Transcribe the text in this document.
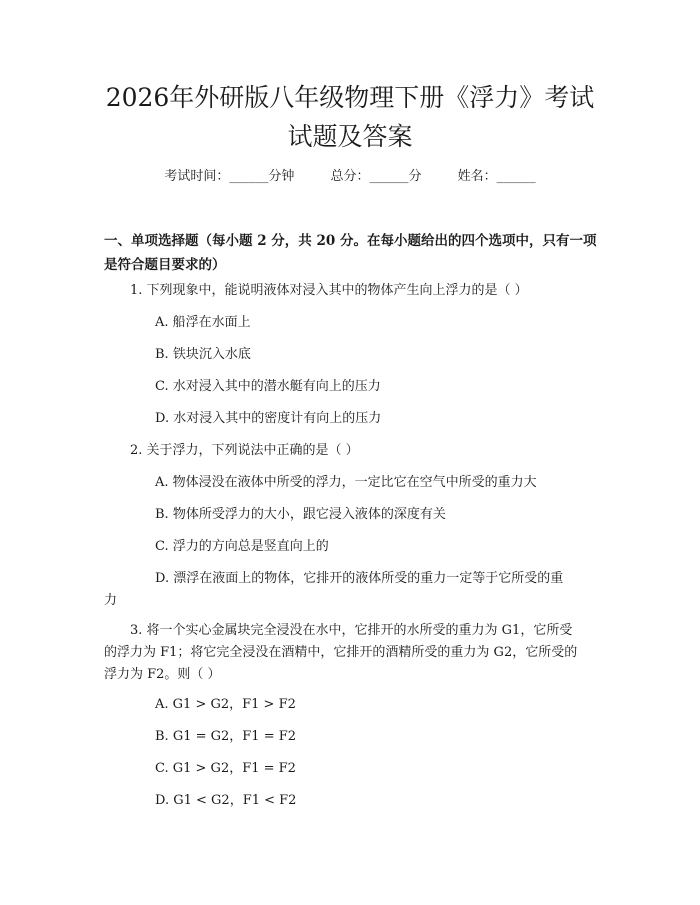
2026年外研版八年级物理下册《浮力》考试
试题及答案
考试时间：______分钟	总分：______分	姓名：______
一、单项选择题（每小题 2 分，共 20 分。在每小题给出的四个选项中，只有一项
是符合题目要求的）
1. 下列现象中，能说明液体对浸入其中的物体产生向上浮力的是（ ）
A. 船浮在水面上
B. 铁块沉入水底
C. 水对浸入其中的潜水艇有向上的压力
D. 水对浸入其中的密度计有向上的压力
2. 关于浮力，下列说法中正确的是（ ）
A. 物体浸没在液体中所受的浮力，一定比它在空气中所受的重力大
B. 物体所受浮力的大小，跟它浸入液体的深度有关
C. 浮力的方向总是竖直向上的
D. 漂浮在液面上的物体，它排开的液体所受的重力一定等于它所受的重
力
3. 将一个实心金属块完全浸没在水中，它排开的水所受的重力为 G1，它所受
的浮力为 F1；将它完全浸没在酒精中，它排开的酒精所受的重力为 G2，它所受的
浮力为 F2。则（ ）
A. G1 > G2，F1 > F2
B. G1 = G2，F1 = F2
C. G1 > G2，F1 = F2
D. G1 < G2，F1 < F2
